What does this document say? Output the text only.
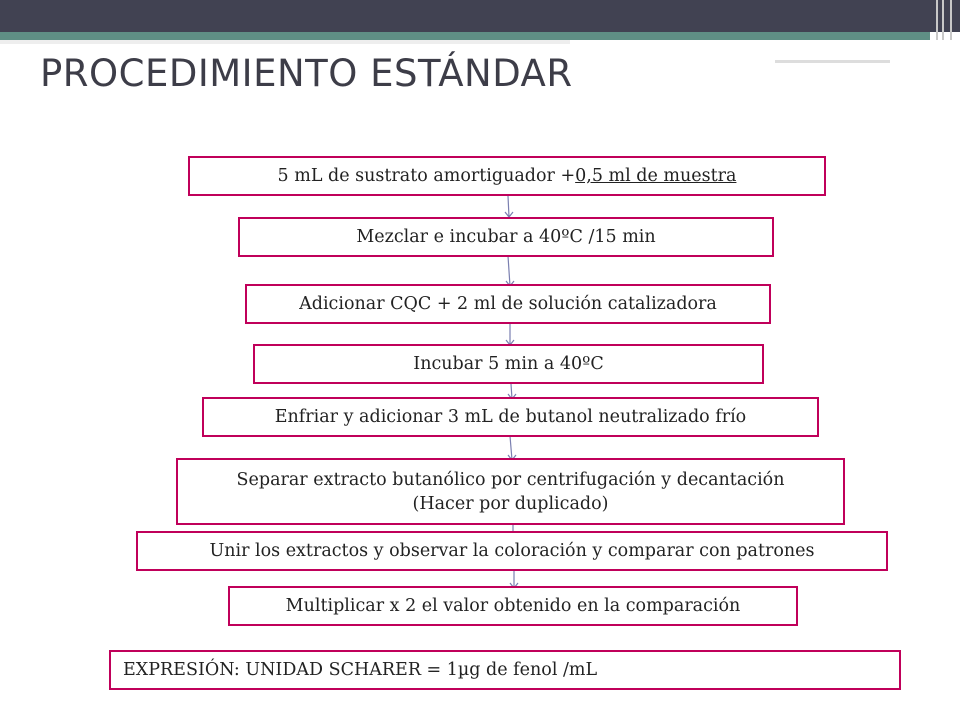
PROCEDIMIENTO ESTÁNDAR
5 mL de sustrato amortiguador + 0,5 ml de muestra
Mezclar e incubar a 40ºC /15 min
Adicionar CQC + 2 ml de solución catalizadora
Incubar 5 min a 40ºC
Enfriar y adicionar 3 mL de butanol neutralizado frío
Separar extracto butanólico por centrifugación y decantación
(Hacer por duplicado)
Unir los extractos y observar la coloración y comparar con patrones
Multiplicar x 2 el valor obtenido en la comparación
EXPRESIÓN: UNIDAD SCHARER = 1µg de fenol /mL
